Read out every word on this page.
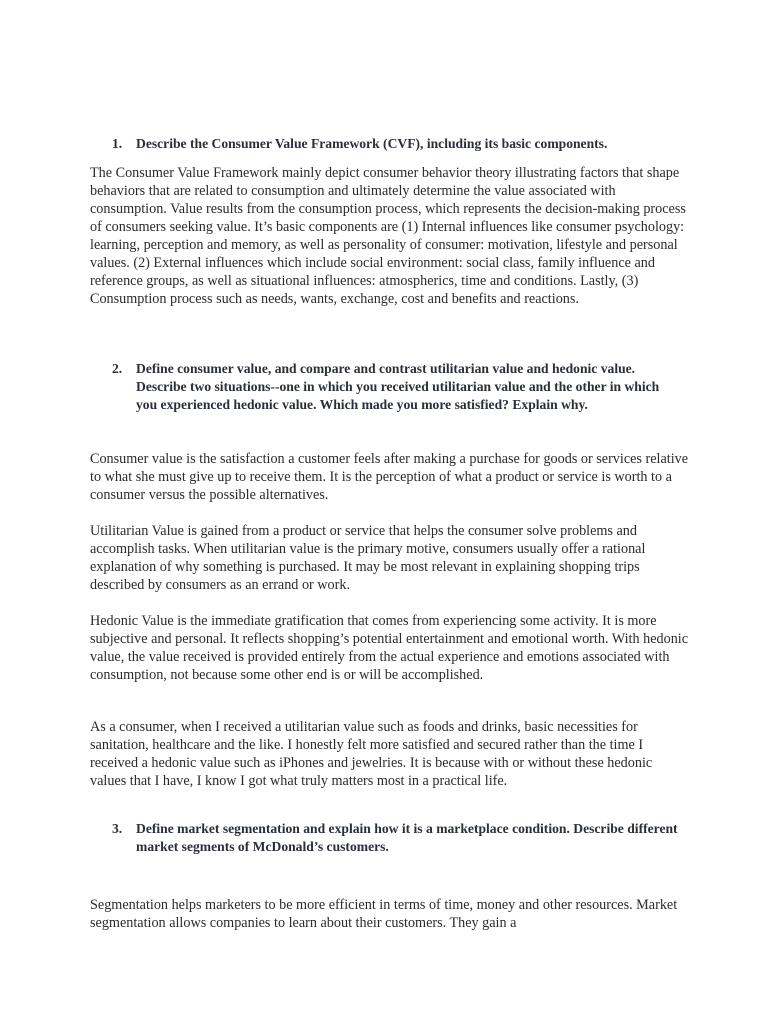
1.	Describe the Consumer Value Framework (CVF), including its basic components.

The Consumer Value Framework mainly depict consumer behavior theory illustrating factors that shape behaviors that are related to consumption and ultimately determine the value associated with consumption. Value results from the consumption process, which represents the decision-making process of consumers seeking value. It’s basic components are (1) Internal influences like consumer psychology: learning, perception and memory, as well as personality of consumer: motivation, lifestyle and personal values. (2) External influences which include social environment: social class, family influence and reference groups, as well as situational influences: atmospherics, time and conditions. Lastly, (3) Consumption process such as needs, wants, exchange, cost and benefits and reactions.

2.	Define consumer value, and compare and contrast utilitarian value and hedonic value. Describe two situations--one in which you received utilitarian value and the other in which you experienced hedonic value. Which made you more satisfied? Explain why.

Consumer value is the satisfaction a customer feels after making a purchase for goods or services relative to what she must give up to receive them. It is the perception of what a product or service is worth to a consumer versus the possible alternatives.

Utilitarian Value is gained from a product or service that helps the consumer solve problems and accomplish tasks. When utilitarian value is the primary motive, consumers usually offer a rational explanation of why something is purchased. It may be most relevant in explaining shopping trips described by consumers as an errand or work.

Hedonic Value is the immediate gratification that comes from experiencing some activity. It is more subjective and personal. It reflects shopping’s potential entertainment and emotional worth. With hedonic value, the value received is provided entirely from the actual experience and emotions associated with consumption, not because some other end is or will be accomplished.

As a consumer, when I received a utilitarian value such as foods and drinks, basic necessities for sanitation, healthcare and the like. I honestly felt more satisfied and secured rather than the time I received a hedonic value such as iPhones and jewelries. It is because with or without these hedonic values that I have, I know I got what truly matters most in a practical life.

3.	Define market segmentation and explain how it is a marketplace condition. Describe different market segments of McDonald’s customers.

Segmentation helps marketers to be more efficient in terms of time, money and other resources. Market segmentation allows companies to learn about their customers. They gain a
